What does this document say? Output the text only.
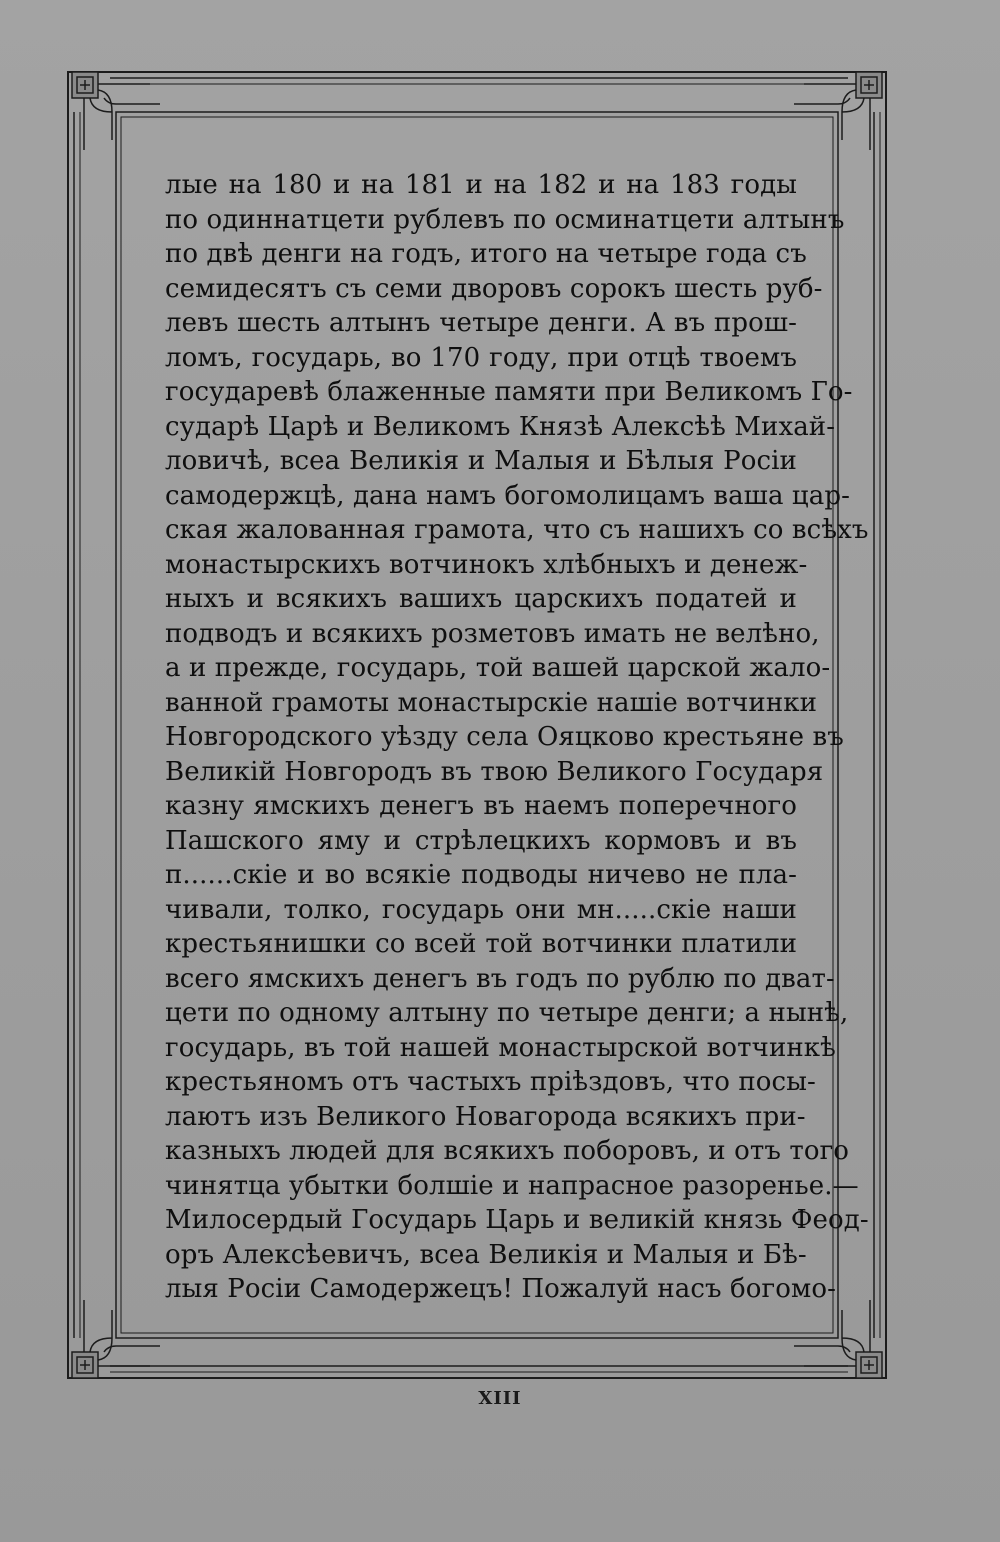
лые на 180 и на 181 и на 182 и на 183 годы
по одиннатцети рублевъ по осминатцети алтынъ
по двѣ денги на годъ, итого на четыре года съ
семидесятъ съ семи дворовъ сорокъ шесть руб-
левъ шесть алтынъ четыре денги. А въ прош-
ломъ, государь, во 170 году, при отцѣ твоемъ
государевѣ блаженные памяти при Великомъ Го-
сударѣ Царѣ и Великомъ Князѣ Алексѣѣ Михай-
ловичѣ, всеа Великія и Малыя и Бѣлыя Росіи
самодержцѣ, дана намъ богомолицамъ ваша цар-
ская жалованная грамота, что съ нашихъ со всѣхъ
монастырскихъ вотчинокъ хлѣбныхъ и денеж-
ныхъ и всякихъ вашихъ царскихъ податей и
подводъ и всякихъ розметовъ имать не велѣно,
а и прежде, государь, той вашей царской жало-
ванной грамоты монастырскіе нашіе вотчинки
Новгородского уѣзду села Ояцково крестьяне въ
Великій Новгородъ въ твою Великого Государя
казну ямскихъ денегъ въ наемъ поперечного
Пашского яму и стрѣлецкихъ кормовъ и въ
п......скіе и во всякіе подводы ничево не пла-
чивали, толко, государь они мн.....скіе наши
крестьянишки со всей той вотчинки платили
всего ямскихъ денегъ въ годъ по рублю по дват-
цети по одному алтыну по четыре денги; а нынѣ,
государь, въ той нашей монастырской вотчинкѣ
крестьяномъ отъ частыхъ прiѣздовъ, что посы-
лаютъ изъ Великого Новагорода всякихъ при-
казныхъ людей для всякихъ поборовъ, и отъ того
чинятца убытки болшiе и напрасное разоренье.—
Милосердый Государь Царь и великій князь Феод-
оръ Алексѣевичъ, всеа Великія и Малыя и Бѣ-
лыя Росіи Самодержецъ! Пожалуй насъ богомо-
XIII
